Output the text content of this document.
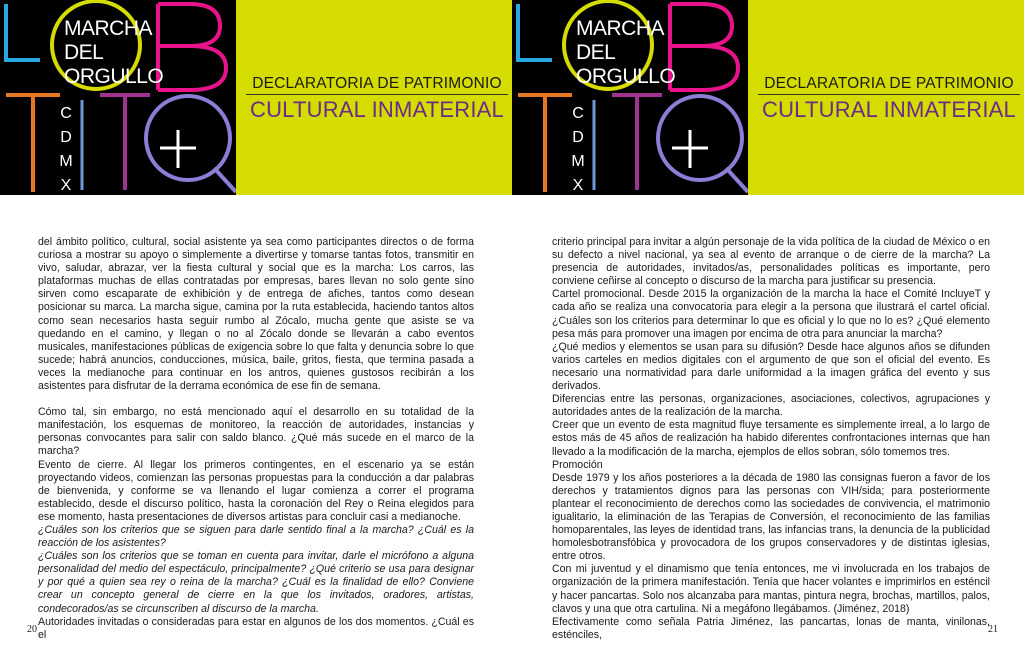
MARCHA
DEL
ORGULLO
C
D
M
X
DECLARATORIA DE PATRIMONIO
CULTURAL INMATERIAL

del ámbito político, cultural, social asistente ya sea como participantes directos o de forma curiosa a mostrar su apoyo o simplemente a divertirse y tomarse tantas fotos, transmitir en vivo, saludar, abrazar, ver la fiesta cultural y social que es la marcha: Los carros, las plataformas muchas de ellas contratadas por empresas, bares llevan no solo gente sino sirven como escaparate de exhibición y de entrega de afiches, tantos como desean posicionar su marca. La marcha sigue, camina por la ruta establecida, haciendo tantos altos como sean necesarios hasta seguir rumbo al Zócalo, mucha gente que asiste se va quedando en el camino, y llegan o no al Zócalo donde se llevarán a cabo eventos musicales, manifestaciones públicas de exigencia sobre lo que falta y denuncia sobre lo que sucede; habrá anuncios, conducciones, música, baile, gritos, fiesta, que termina pasada a veces la medianoche para continuar en los antros, quienes gustosos recibirán a los asistentes para disfrutar de la derrama económica de ese fin de semana.

Cómo tal, sin embargo, no está mencionado aquí el desarrollo en su totalidad de la manifestación, los esquemas de monitoreo, la reacción de autoridades, instancias y personas convocantes para salir con saldo blanco. ¿Qué más sucede en el marco de la marcha?

Evento de cierre. Al llegar los primeros contingentes, en el escenario ya se están proyectando videos, comienzan las personas propuestas para la conducción a dar palabras de bienvenida, y conforme se va llenando el lugar comienza a correr el programa establecido, desde el discurso político, hasta la coronación del Rey o Reina elegidos para ese momento, hasta presentaciones de diversos artistas para concluir casi a medianoche.

¿Cuáles son los criterios que se siguen para darle sentido final a la marcha? ¿Cuál es la reacción de los asistentes?

¿Cuáles son los criterios que se toman en cuenta para invitar, darle el micrófono a alguna personalidad del medio del espectáculo, principalmente? ¿Qué criterio se usa para designar y por qué a quien sea rey o reina de la marcha? ¿Cuál es la finalidad de ello? Conviene crear un concepto general de cierre en la que los invitados, oradores, artistas, condecorados/as se circunscriben al discurso de la marcha.

Autoridades invitadas o consideradas para estar en algunos de los dos momentos. ¿Cuál es el

20
MARCHA
DEL
ORGULLO
C
D
M
X
DECLARATORIA DE PATRIMONIO
CULTURAL INMATERIAL

criterio principal para invitar a algún personaje de la vida política de la ciudad de México o en su defecto a nivel nacional, ya sea al evento de arranque o de cierre de la marcha? La presencia de autoridades, invitados/as, personalidades políticas es importante, pero conviene ceñirse al concepto o discurso de la marcha para justificar su presencia.

Cartel promocional. Desde 2015 la organización de la marcha la hace el Comité IncluyeT y cada año se realiza una convocatoria para elegir a la persona que ilustrará el cartel oficial. ¿Cuáles son los criterios para determinar lo que es oficial y lo que no lo es? ¿Qué elemento pesa más para promover una imagen por encima de otra para anunciar la marcha?

¿Qué medios y elementos se usan para su difusión? Desde hace algunos años se difunden varios carteles en medios digitales con el argumento de que son el oficial del evento. Es necesario una normatividad para darle uniformidad a la imagen gráfica del evento y sus derivados.

Diferencias entre las personas, organizaciones, asociaciones, colectivos, agrupaciones y autoridades antes de la realización de la marcha.

Creer que un evento de esta magnitud fluye tersamente es simplemente irreal, a lo largo de estos más de 45 años de realización ha habido diferentes confrontaciones internas que han llevado a la modificación de la marcha, ejemplos de ellos sobran, sólo tomemos tres.

Promoción

Desde 1979 y los años posteriores a la década de 1980 las consignas fueron a favor de los derechos y tratamientos dignos para las personas con VIH/sida; para posteriormente plantear el reconocimiento de derechos como las sociedades de convivencia, el matrimonio igualitario, la eliminación de las Terapias de Conversión, el reconocimiento de las familias homoparentales, las leyes de identidad trans, las infancias trans, la denuncia de la publicidad homolesbotransfóbica y provocadora de los grupos conservadores y de distintas iglesias, entre otros.

Con mi juventud y el dinamismo que tenía entonces, me vi involucrada en los trabajos de organización de la primera manifestación. Tenía que hacer volantes e imprimirlos en esténcil y hacer pancartas. Solo nos alcanzaba para mantas, pintura negra, brochas, martillos, palos, clavos y una que otra cartulina. Ni a megáfono llegábamos. (Jiménez, 2018)

Efectivamente como señala Patria Jiménez, las pancartas, lonas de manta, vinilonas, esténciles,	21
